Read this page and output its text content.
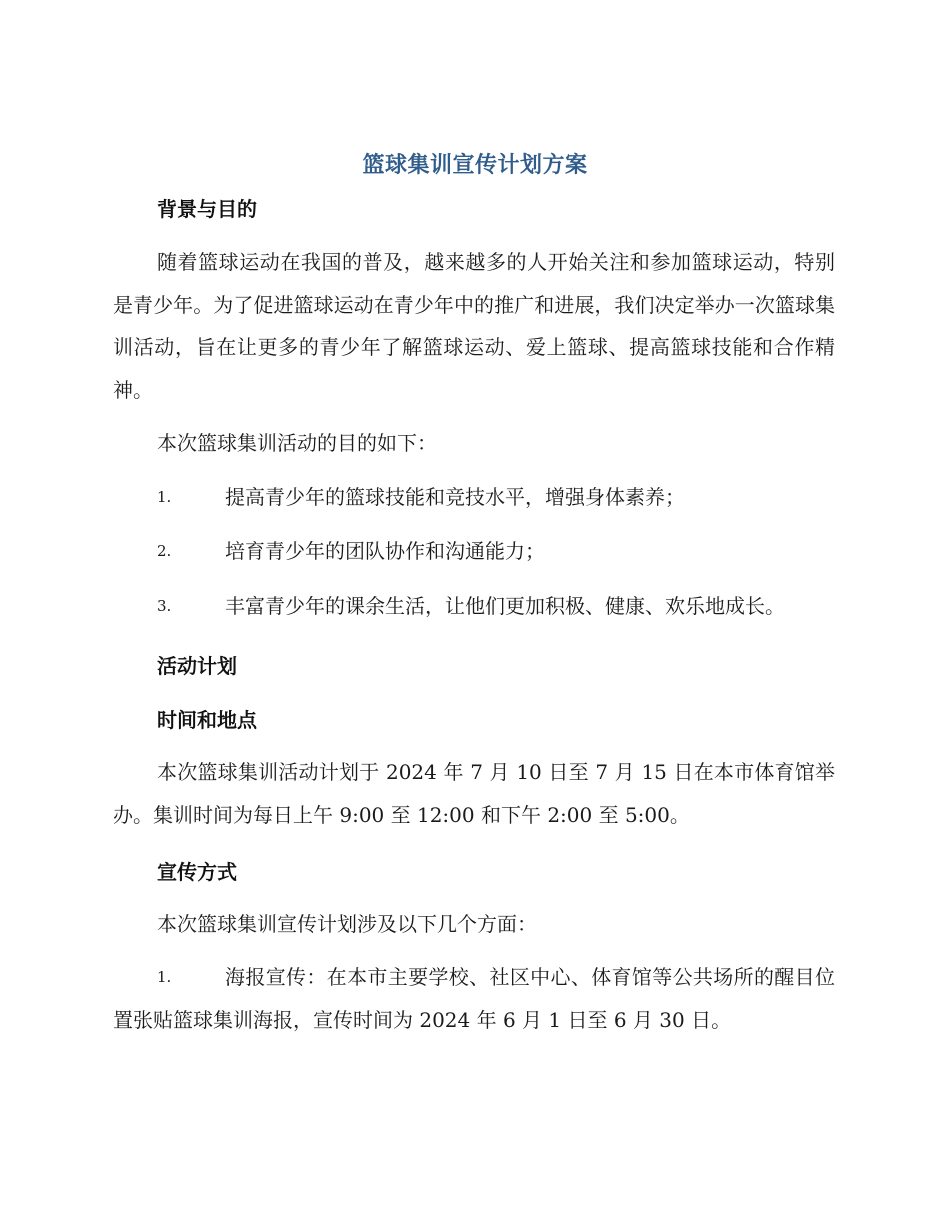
篮球集训宣传计划方案
背景与目的

随着篮球运动在我国的普及，越来越多的人开始关注和参加篮球运动，特别是青少年。为了促进篮球运动在青少年中的推广和进展，我们决定举办一次篮球集训活动，旨在让更多的青少年了解篮球运动、爱上篮球、提高篮球技能和合作精神。

本次篮球集训活动的目的如下：

1.	提高青少年的篮球技能和竞技水平，增强身体素养；
2.	培育青少年的团队协作和沟通能力；
3.	丰富青少年的课余生活，让他们更加积极、健康、欢乐地成长。
活动计划
时间和地点

本次篮球集训活动计划于 2024 年 7 月 10 日至 7 月 15 日在本市体育馆举办。集训时间为每日上午 9:00 至 12:00 和下午 2:00 至 5:00。

宣传方式

本次篮球集训宣传计划涉及以下几个方面：

1.	海报宣传：在本市主要学校、社区中心、体育馆等公共场所的醒目位置张贴篮球集训海报，宣传时间为 2024 年 6 月 1 日至 6 月 30 日。
